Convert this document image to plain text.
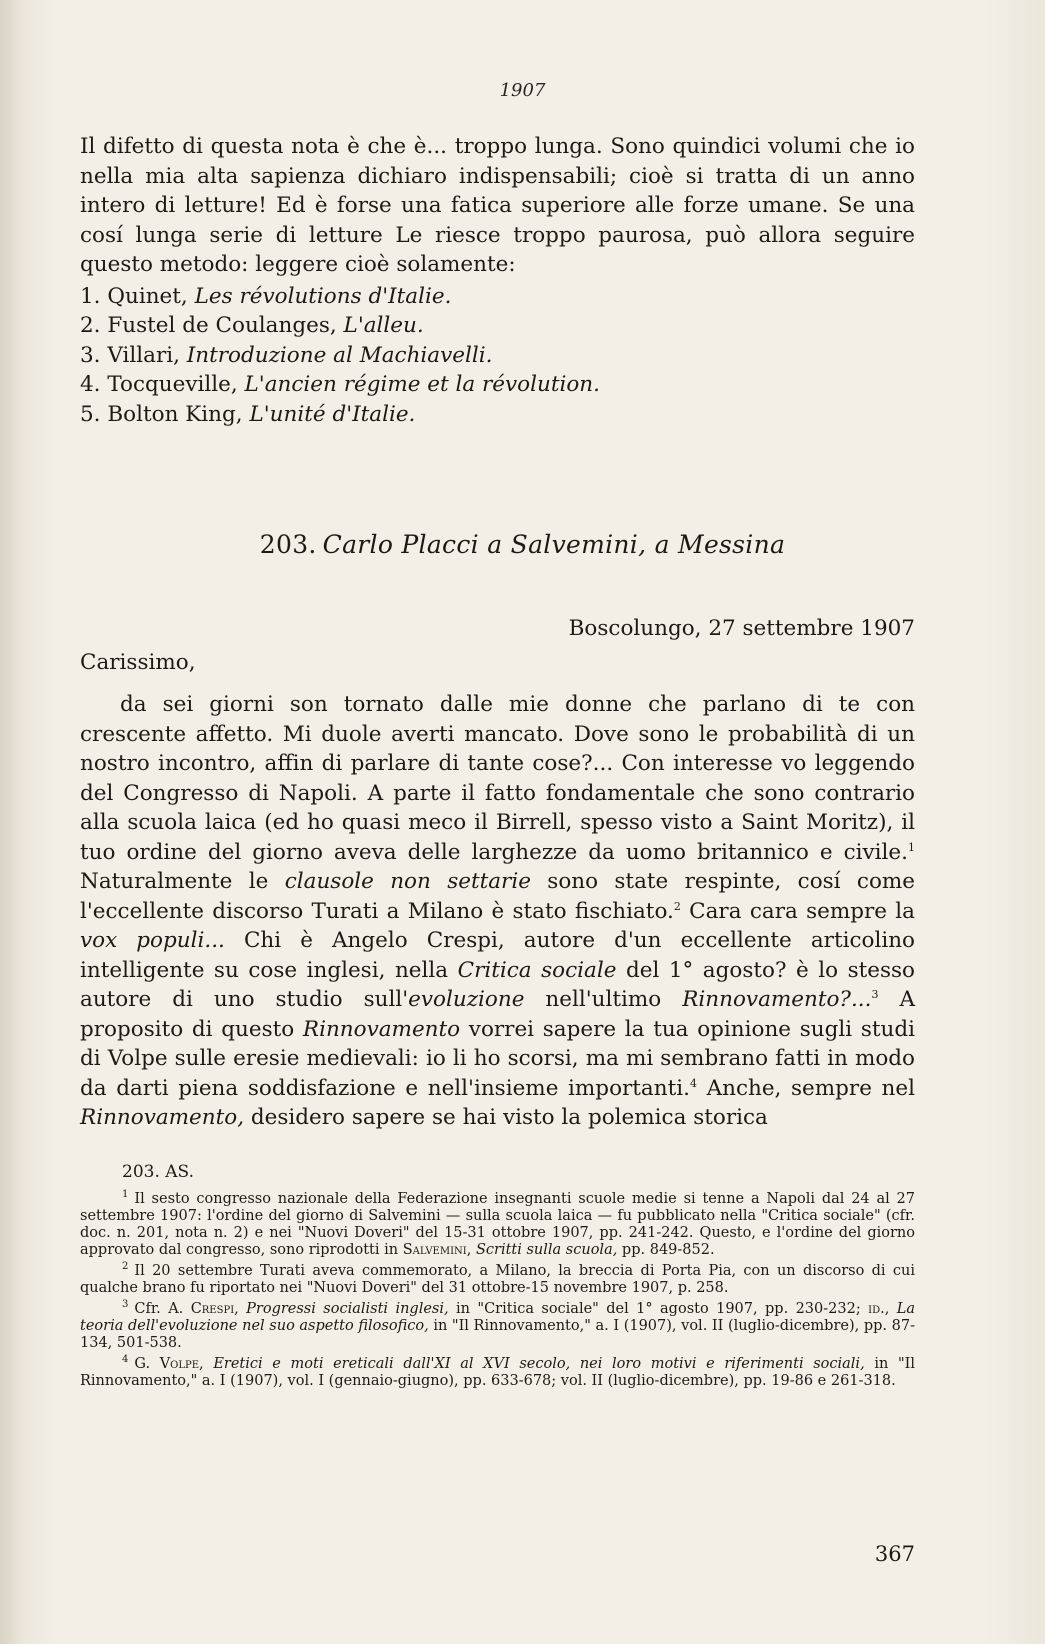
1907

Il difetto di questa nota è che è... troppo lunga. Sono quindici volumi che io nella mia alta sapienza dichiaro indispensabili; cioè si tratta di un anno intero di letture! Ed è forse una fatica superiore alle forze umane. Se una cosí lunga serie di letture Le riesce troppo paurosa, può allora seguire questo metodo: leggere cioè solamente:

1. Quinet, Les révolutions d'Italie.
2. Fustel de Coulanges, L'alleu.
3. Villari, Introduzione al Machiavelli.
4. Tocqueville, L'ancien régime et la révolution.
5. Bolton King, L'unité d'Italie.
203. Carlo Placci a Salvemini, a Messina
Boscolungo, 27 settembre 1907
Carissimo,

da sei giorni son tornato dalle mie donne che parlano di te con crescente affetto. Mi duole averti mancato. Dove sono le probabilità di un nostro incontro, affin di parlare di tante cose?... Con interesse vo leggendo del Congresso di Napoli. A parte il fatto fondamentale che sono contrario alla scuola laica (ed ho quasi meco il Birrell, spesso visto a Saint Moritz), il tuo ordine del giorno aveva delle larghezze da uomo britannico e civile.$^1$ Naturalmente le clausole non settarie sono state respinte, cosí come l'eccellente discorso Turati a Milano è stato fischiato.$^2$ Cara cara sempre la vox populi... Chi è Angelo Crespi, autore d'un eccellente articolino intelligente su cose inglesi, nella Critica sociale del 1° agosto? è lo stesso autore di uno studio sull'evoluzione nell'ultimo Rinnovamento?...$^3$ A proposito di questo Rinnovamento vorrei sapere la tua opinione sugli studi di Volpe sulle eresie medievali: io li ho scorsi, ma mi sembrano fatti in modo da darti piena soddisfazione e nell'insieme importanti.$^4$ Anche, sempre nel Rinnovamento, desidero sapere se hai visto la polemica storica

203. AS.

$^1$ Il sesto congresso nazionale della Federazione insegnanti scuole medie si tenne a Napoli dal 24 al 27 settembre 1907: l'ordine del giorno di Salvemini — sulla scuola laica — fu pubblicato nella "Critica sociale" (cfr. doc. n. 201, nota n. 2) e nei "Nuovi Doveri" del 15-31 ottobre 1907, pp. 241-242. Questo, e l'ordine del giorno approvato dal congresso, sono riprodotti in Salvemini, Scritti sulla scuola, pp. 849-852.

$^2$ Il 20 settembre Turati aveva commemorato, a Milano, la breccia di Porta Pia, con un discorso di cui qualche brano fu riportato nei "Nuovi Doveri" del 31 ottobre-15 novembre 1907, p. 258.

$^3$ Cfr. A. Crespi, Progressi socialisti inglesi, in "Critica sociale" del 1° agosto 1907, pp. 230-232; id., La teoria dell'evoluzione nel suo aspetto filosofico, in "Il Rinnovamento," a. I (1907), vol. II (luglio-dicembre), pp. 87-134, 501-538.

$^4$ G. Volpe, Eretici e moti ereticali dall'XI al XVI secolo, nei loro motivi e riferimenti sociali, in "Il Rinnovamento," a. I (1907), vol. I (gennaio-giugno), pp. 633-678; vol. II (luglio-dicembre), pp. 19-86 e 261-318.

367
